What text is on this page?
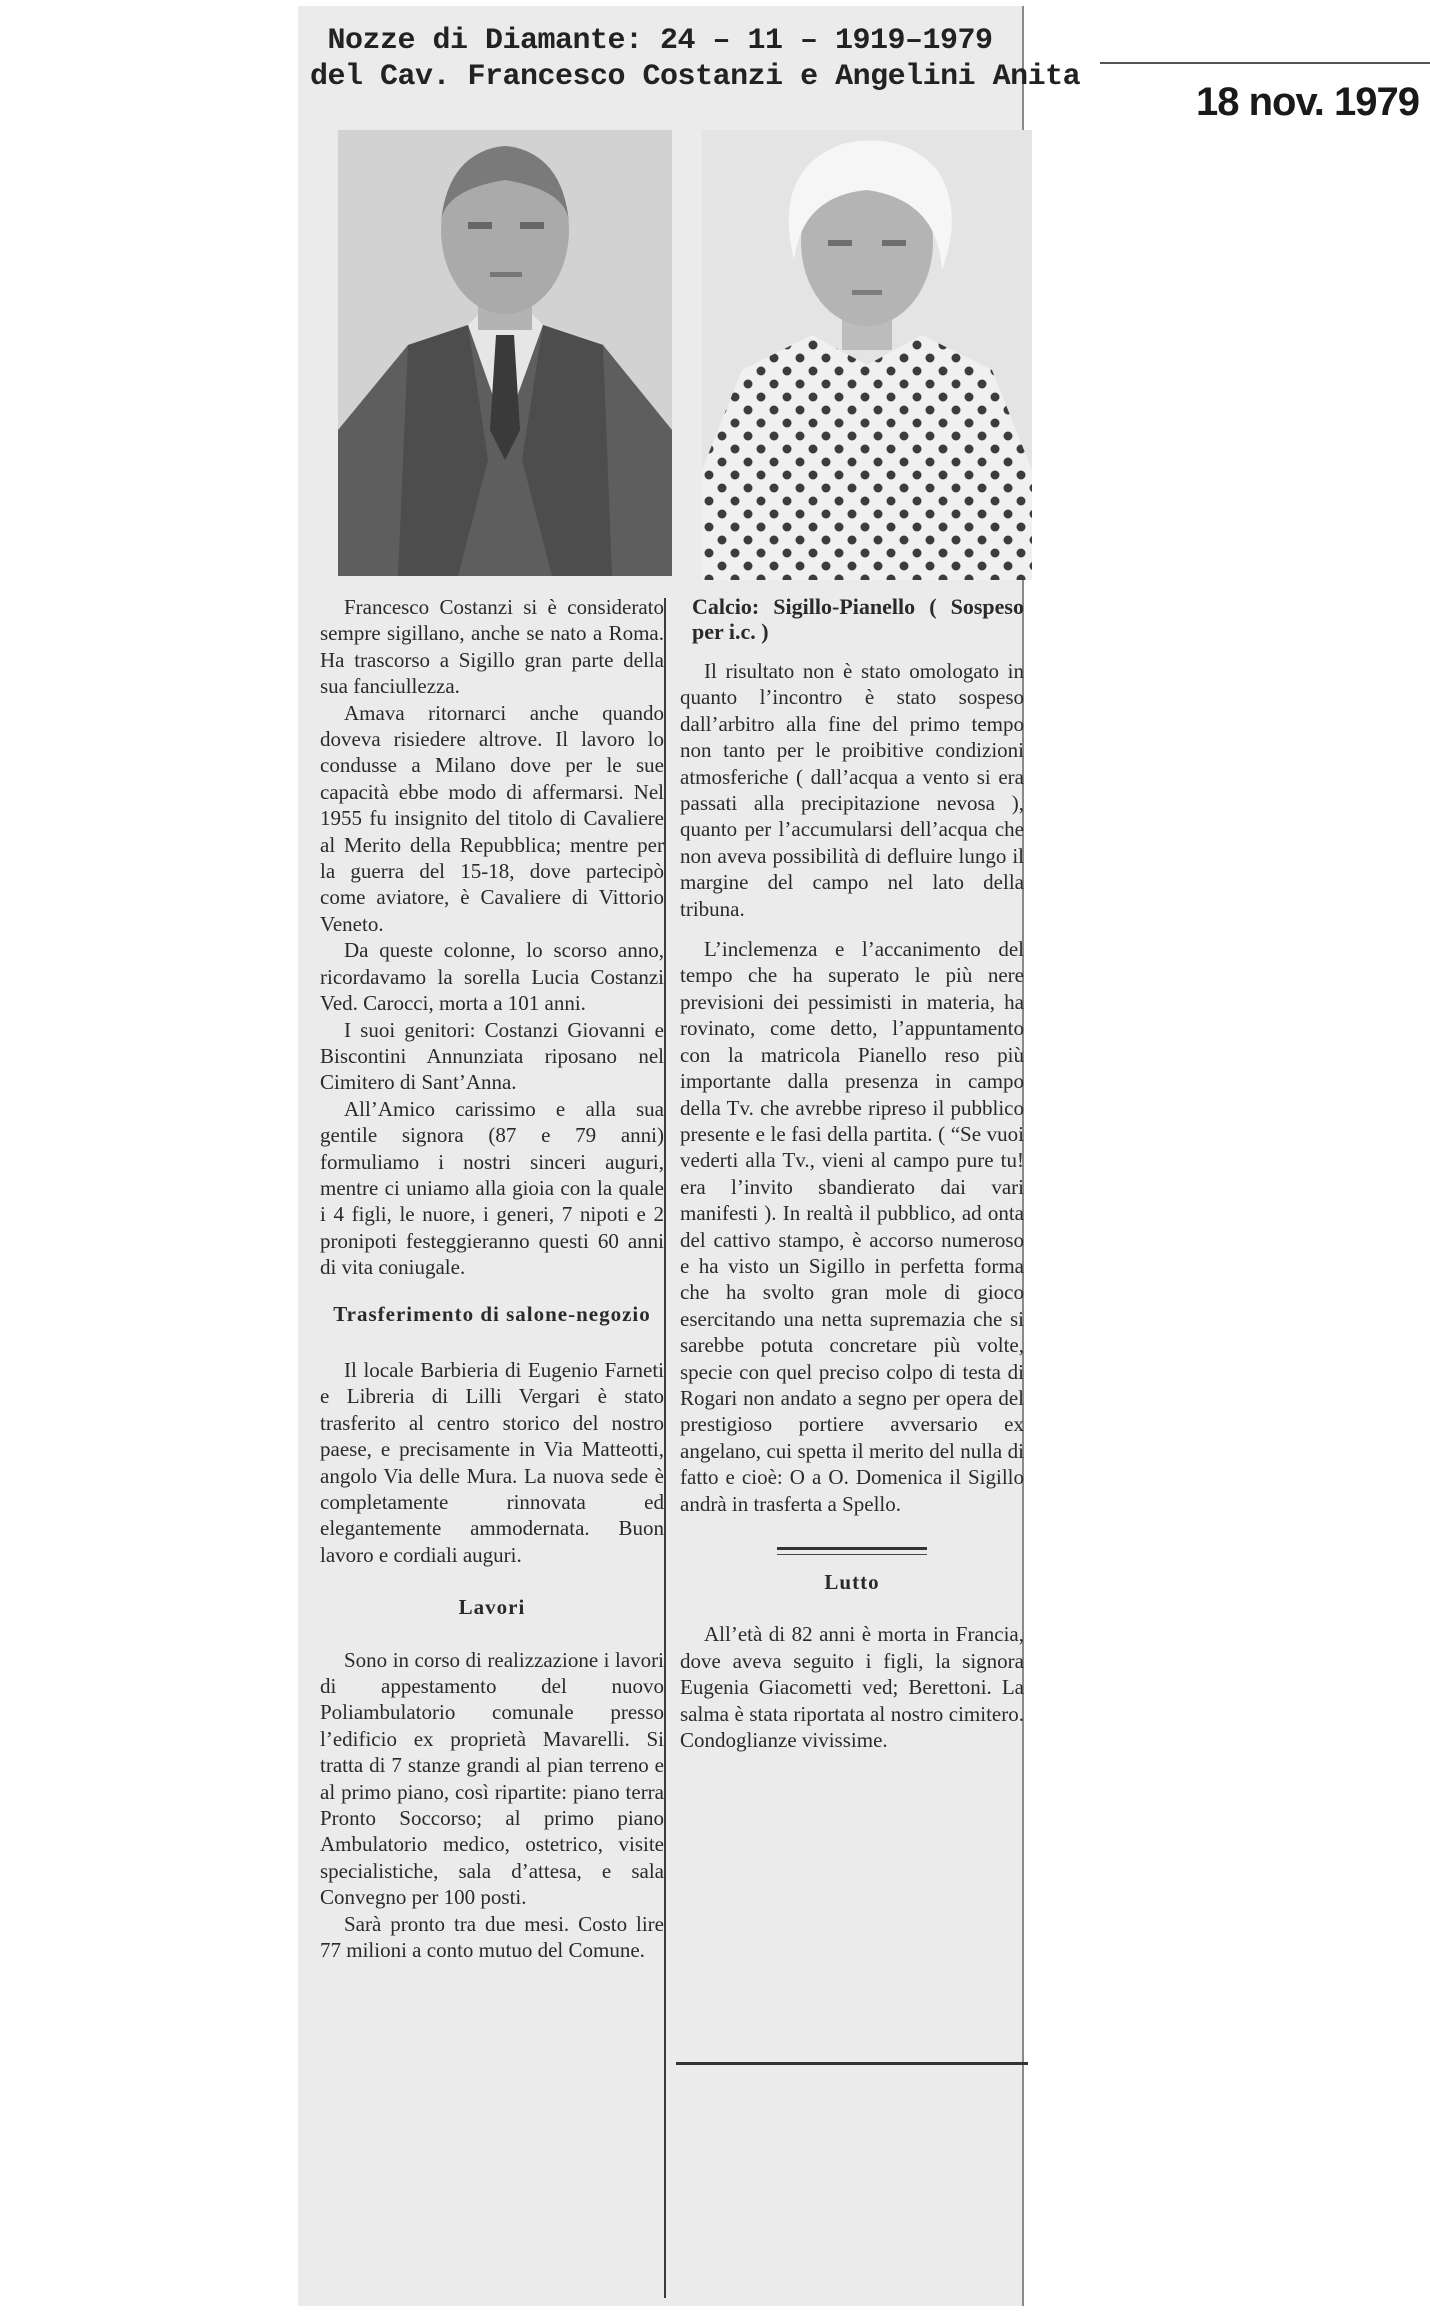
Nozze di Diamante: 24 – 11 – 1919–1979
del Cav. Francesco Costanzi e Angelini Anita
18 nov. 1979

Francesco Costanzi si è considerato sempre sigillano, anche se nato a Roma. Ha trascorso a Sigillo gran parte della sua fanciullezza.

Amava ritornarci anche quando doveva risiedere altrove. Il lavoro lo condusse a Milano dove per le sue capacità ebbe modo di affermarsi. Nel 1955 fu insignito del titolo di Cavaliere al Merito della Repubblica; mentre per la guerra del 15-18, dove partecipò come aviatore, è Cavaliere di Vittorio Veneto.

Da queste colonne, lo scorso anno, ricordavamo la sorella Lucia Costanzi Ved. Carocci, morta a 101 anni.

I suoi genitori: Costanzi Giovanni e Biscontini Annunziata riposano nel Cimitero di Sant’Anna.

All’Amico carissimo e alla sua gentile signora (87 e 79 anni) formuliamo i nostri sinceri auguri, mentre ci uniamo alla gioia con la quale i 4 figli, le nuore, i generi, 7 nipoti e 2 pronipoti festeggieranno questi 60 anni di vita coniugale.

Trasferimento di salone-negozio

Il locale Barbieria di Eugenio Farneti e Libreria di Lilli Vergari è stato trasferito al centro storico del nostro paese, e precisamente in Via Matteotti, angolo Via delle Mura. La nuova sede è completamente rinnovata ed elegantemente ammodernata. Buon lavoro e cordiali auguri.

Lavori

Sono in corso di realizzazione i lavori di appestamento del nuovo Poliambulatorio comunale presso l’edificio ex proprietà Mavarelli. Si tratta di 7 stanze grandi al pian terreno e al primo piano, così ripartite: piano terra Pronto Soccorso; al primo piano Ambulatorio medico, ostetrico, visite specialistiche, sala d’attesa, e sala Convegno per 100 posti.

Sarà pronto tra due mesi. Costo lire 77 milioni a conto mutuo del Comune.

Calcio: Sigillo-Pianello ( Sospeso per i.c. )

Il risultato non è stato omologato in quanto l’incontro è stato sospeso dall’arbitro alla fine del primo tempo non tanto per le proibitive condizioni atmosferiche ( dall’acqua a vento si era passati alla precipitazione nevosa ), quanto per l’accumularsi dell’acqua che non aveva possibilità di defluire lungo il margine del campo nel lato della tribuna.

L’inclemenza e l’accanimento del tempo che ha superato le più nere previsioni dei pessimisti in materia, ha rovinato, come detto, l’appuntamento con la matricola Pianello reso più importante dalla presenza in campo della Tv. che avrebbe ripreso il pubblico presente e le fasi della partita. ( “Se vuoi vederti alla Tv., vieni al campo pure tu! era l’invito sbandierato dai vari manifesti ). In realtà il pubblico, ad onta del cattivo stampo, è accorso numeroso e ha visto un Sigillo in perfetta forma che ha svolto gran mole di gioco esercitando una netta supremazia che si sarebbe potuta concretare più volte, specie con quel preciso colpo di testa di Rogari non andato a segno per opera del prestigioso portiere avversario ex angelano, cui spetta il merito del nulla di fatto e cioè: O a O. Domenica il Sigillo andrà in trasferta a Spello.

Lutto

All’età di 82 anni è morta in Francia, dove aveva seguito i figli, la signora Eugenia Giacometti ved; Berettoni. La salma è stata riportata al nostro cimitero. Condoglianze vivissime.
